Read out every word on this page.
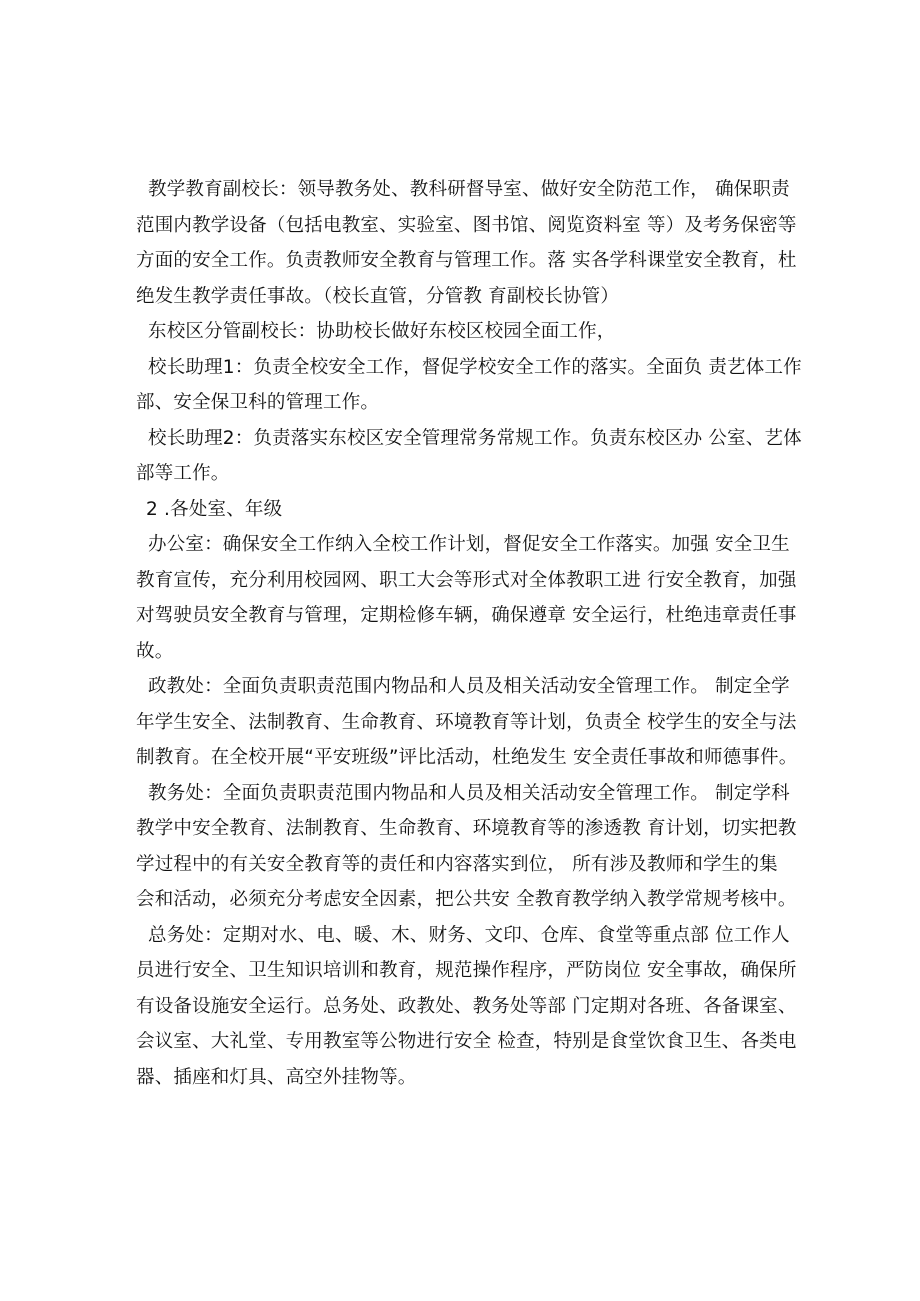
教学教育副校长：领导教务处、教科研督导室、做好安全防范工作， 确保职责
范围内教学设备（包括电教室、实验室、图书馆、阅览资料室 等）及考务保密等
方面的安全工作。负责教师安全教育与管理工作。落 实各学科课堂安全教育，杜
绝发生教学责任事故。（校长直管，分管教 育副校长协管）
东校区分管副校长：协助校长做好东校区校园全面工作，
校长助理1：负责全校安全工作，督促学校安全工作的落实。全面负 责艺体工作
部、安全保卫科的管理工作。
校长助理2：负责落实东校区安全管理常务常规工作。负责东校区办 公室、艺体
部等工作。
2 .各处室、年级
办公室：确保安全工作纳入全校工作计划，督促安全工作落实。加强 安全卫生
教育宣传，充分利用校园网、职工大会等形式对全体教职工进 行安全教育，加强
对驾驶员安全教育与管理，定期检修车辆，确保遵章 安全运行，杜绝违章责任事
故。
政教处：全面负责职责范围内物品和人员及相关活动安全管理工作。 制定全学
年学生安全、法制教育、生命教育、环境教育等计划，负责全 校学生的安全与法
制教育。在全校开展“平安班级”评比活动，杜绝发生 安全责任事故和师德事件。
教务处：全面负责职责范围内物品和人员及相关活动安全管理工作。 制定学科
教学中安全教育、法制教育、生命教育、环境教育等的渗透教 育计划，切实把教
学过程中的有关安全教育等的责任和内容落实到位， 所有涉及教师和学生的集
会和活动，必须充分考虑安全因素，把公共安 全教育教学纳入教学常规考核中。
总务处：定期对水、电、暖、木、财务、文印、仓库、食堂等重点部 位工作人
员进行安全、卫生知识培训和教育，规范操作程序，严防岗位 安全事故，确保所
有设备设施安全运行。总务处、政教处、教务处等部 门定期对各班、各备课室、
会议室、大礼堂、专用教室等公物进行安全 检查，特别是食堂饮食卫生、各类电
器、插座和灯具、高空外挂物等。
